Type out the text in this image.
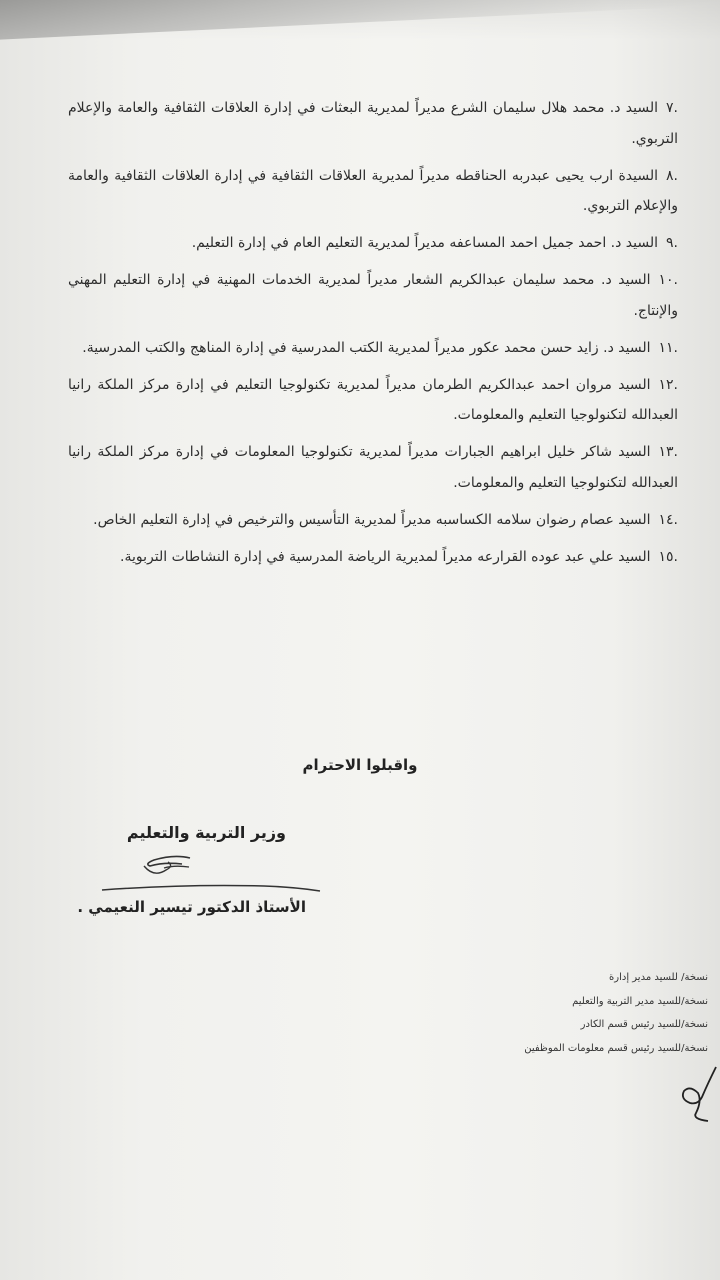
.٧السيد د. محمد هلال سليمان الشرع مديراً لمديرية البعثات في إدارة العلاقات الثقافية والعامة والإعلام التربوي.
.٨السيدة ارب يحيى عبدربه الحناقطه مديراً لمديرية العلاقات الثقافية في إدارة العلاقات الثقافية والعامة والإعلام التربوي.
.٩السيد د. احمد جميل احمد المساعفه مديراً لمديرية التعليم العام في إدارة التعليم.
.١٠السيد د. محمد سليمان عبدالكريم الشعار مديراً لمديرية الخدمات المهنية في إدارة التعليم المهني والإنتاج.
.١١السيد د. زايد حسن محمد عكور مديراً لمديرية الكتب المدرسية في إدارة المناهج والكتب المدرسية.
.١٢السيد مروان احمد عبدالكريم الطرمان مديراً لمديرية تكنولوجيا التعليم في إدارة مركز الملكة رانيا العبدالله لتكنولوجيا التعليم والمعلومات.
.١٣السيد شاكر خليل ابراهيم الجبارات مديراً لمديرية تكنولوجيا المعلومات في إدارة مركز الملكة رانيا العبدالله لتكنولوجيا التعليم والمعلومات.
.١٤السيد عصام رضوان سلامه الكساسبه مديراً لمديرية التأسيس والترخيص في إدارة التعليم الخاص.
.١٥السيد علي عبد عوده القرارعه مديراً لمديرية الرياضة المدرسية في إدارة النشاطات التربوية.
واقبلوا الاحترام
وزير التربية والتعليم
الأستاذ الدكتور تيسير النعيمي .
نسخة/ للسيد مدير إدارة
نسخة/للسيد مدير التربية والتعليم
نسخة/للسيد رئيس قسم الكادر
نسخة/للسيد رئيس قسم معلومات الموظفين
